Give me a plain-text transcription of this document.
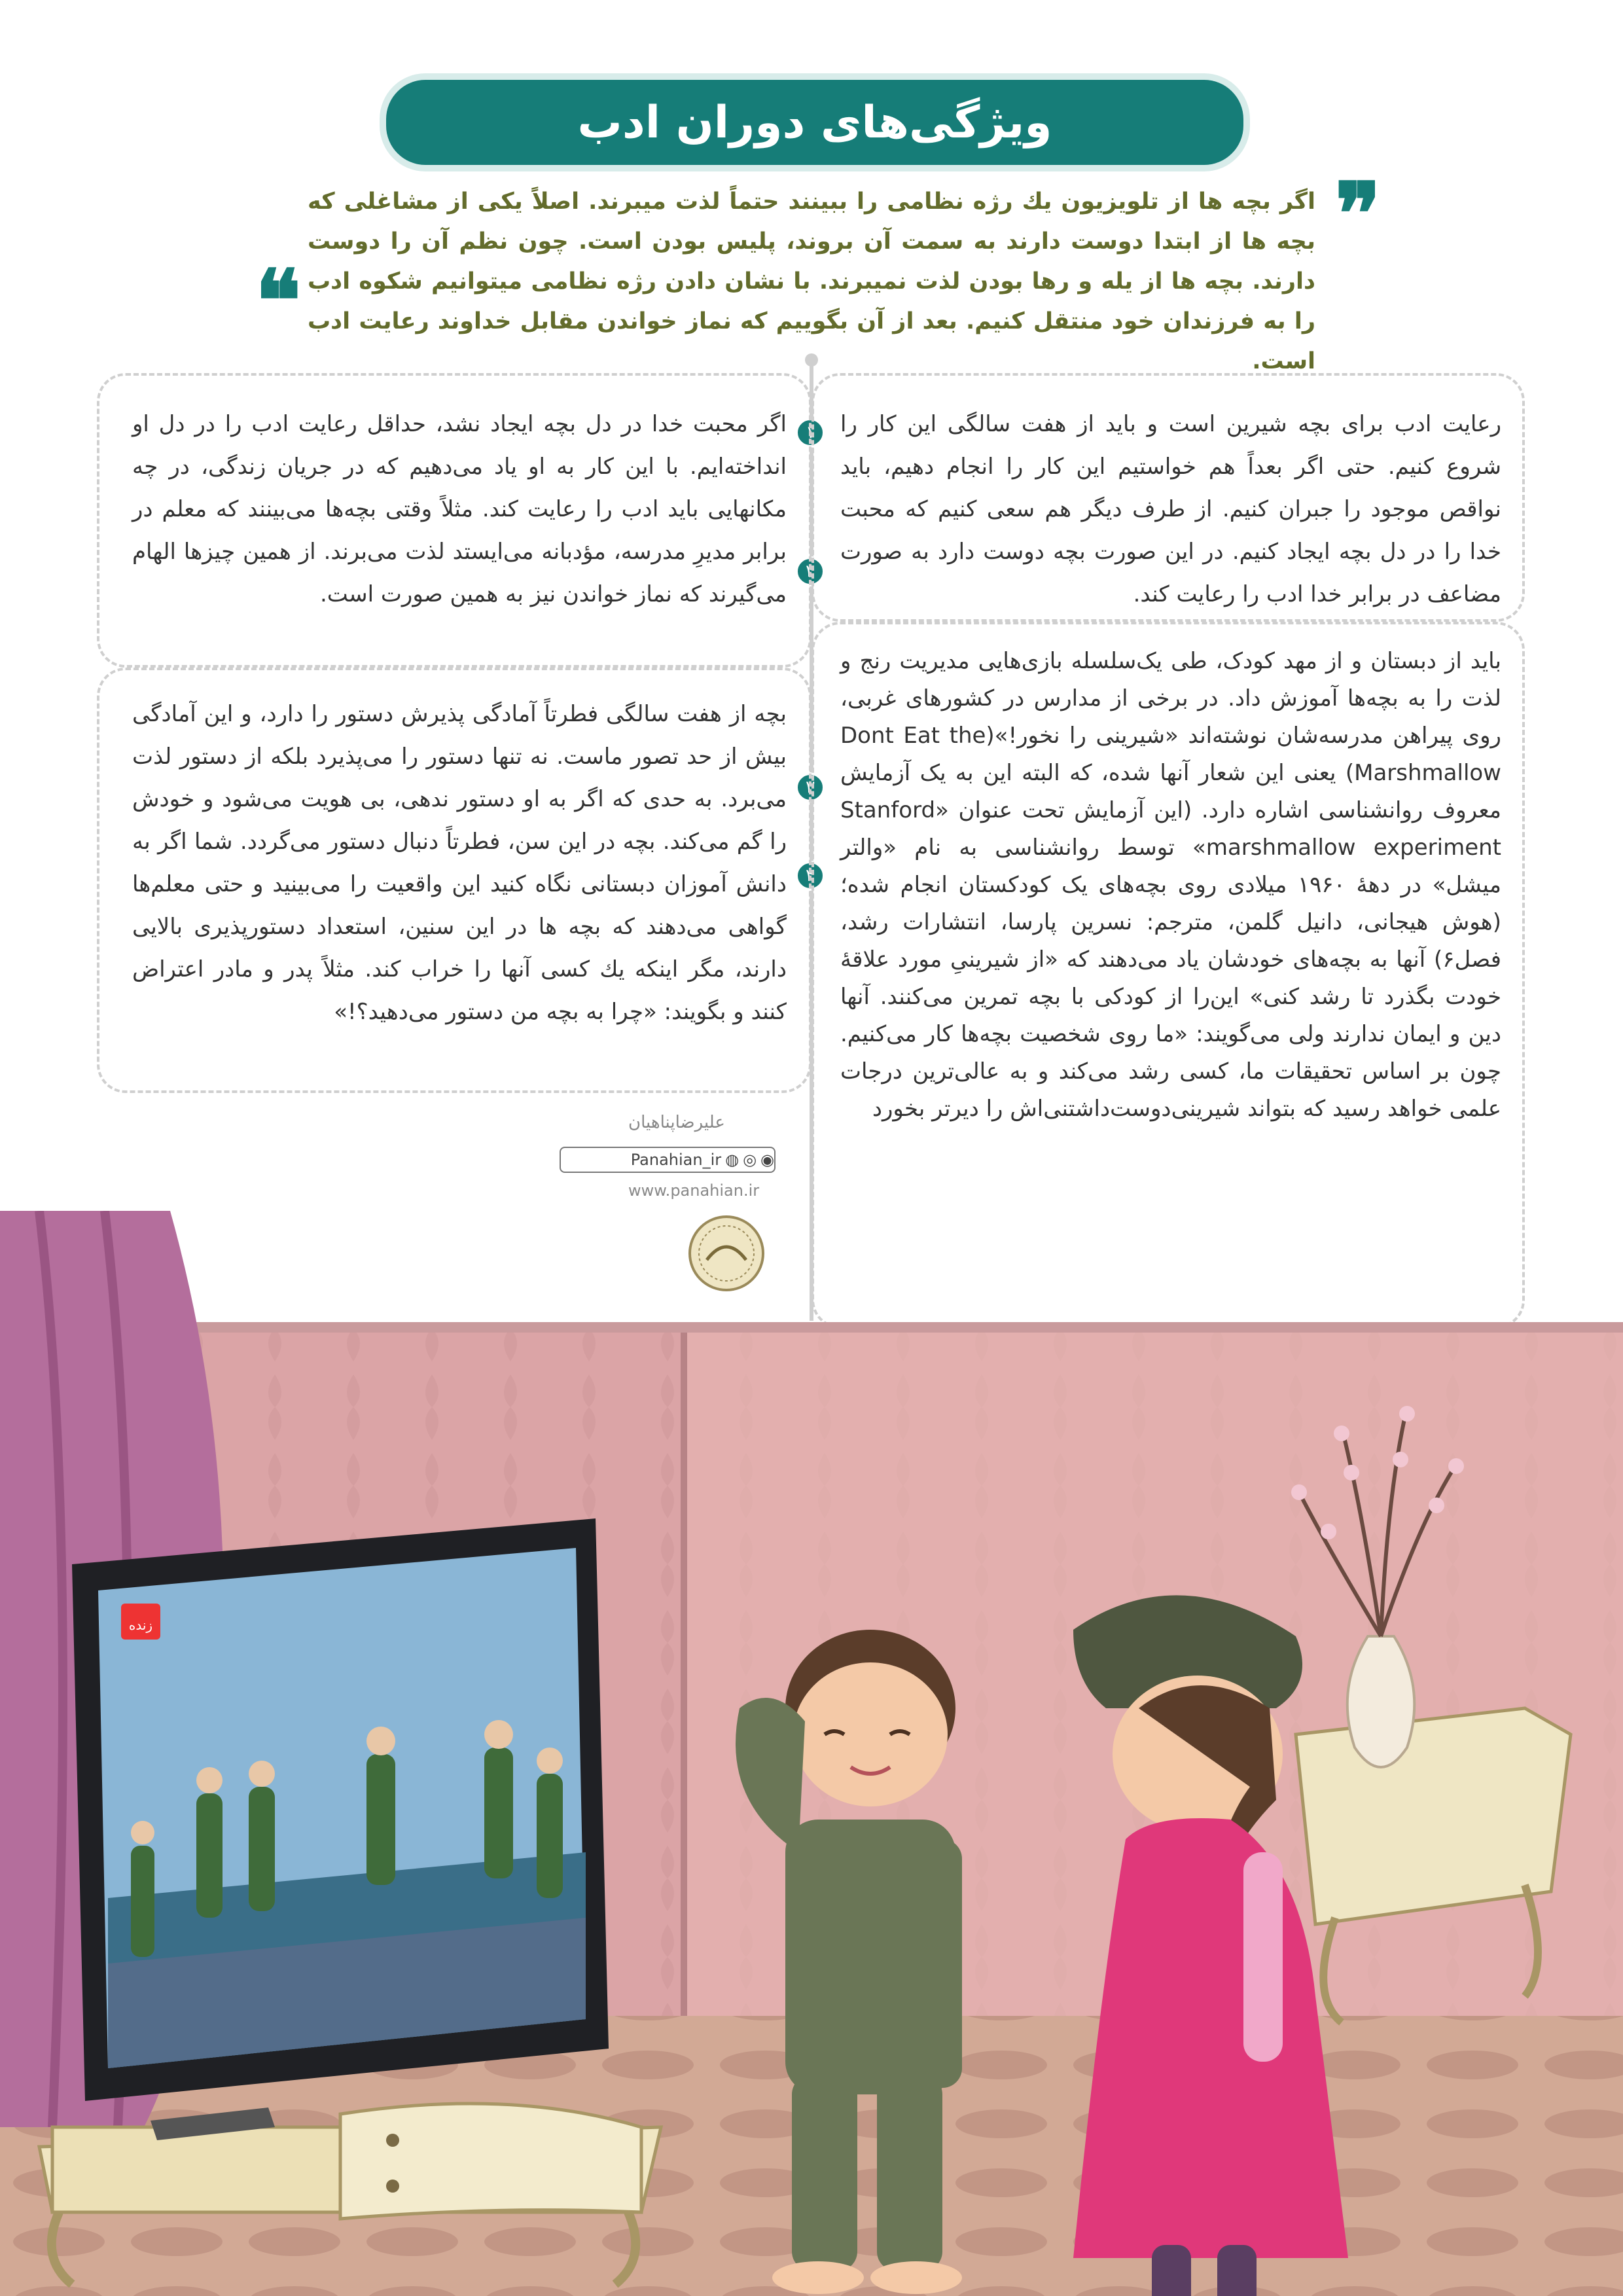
ویژگی‌های دوران ادب
❞
اگر بچه ها از تلویزیون یك رژه نظامی را ببینند حتماً لذت میبرند. اصلاً یکی از مشاغلی که بچه ها از ابتدا دوست دارند به سمت آن بروند، پلیس بودن است. چون نظم آن را دوست دارند. بچه ها از یله و رها بودن لذت نمیبرند. با نشان دادن رژه نظامی میتوانیم شکوه ادب را به فرزندان خود منتقل کنیم. بعد از آن بگوییم که نماز خواندن مقابل خداوند رعایت ادب است.
❝
۱
۲
۳
۴
رعایت ادب برای بچه شیرین است و باید از هفت سالگی این کار را شروع کنیم. حتی اگر بعداً هم خواستیم این کار را انجام دهیم، باید نواقص موجود را جبران کنیم. از طرف دیگر هم سعی کنیم که محبت خدا را در دل بچه ایجاد کنیم. در این صورت بچه دوست دارد به صورت مضاعف در برابر خدا ادب را رعایت کند.
اگر محبت خدا در دل بچه ایجاد نشد، حداقل رعایت ادب را در دل او انداخته‌ایم. با این کار به او یاد می‌دهیم که در جریان زندگی، در چه مکانهایی باید ادب را رعایت کند. مثلاً وقتی بچه‌ها می‌بینند که معلم در برابر مدیرِ مدرسه، مؤدبانه می‌ایستد لذت می‌برند. از همین چیزها الهام می‌گیرند که نماز خواندن نیز به همین صورت است.
بچه از هفت سالگی فطرتاً آمادگی پذیرش دستور را دارد، و این آمادگی بیش از حد تصور ماست. نه تنها دستور را می‌پذیرد بلکه از دستور لذت می‌برد. به حدی که اگر به او دستور ندهی، بی هویت می‌شود و خودش را گم می‌کند. بچه در این سن، فطرتاً دنبال دستور می‌گردد. شما اگر به دانش آموزان دبستانی نگاه کنید این واقعیت را می‌بینید و حتی معلم‌ها گواهی می‌دهند که بچه ها در این سنین، استعداد دستورپذیری بالایی دارند، مگر اینکه یك کسی آنها را خراب کند. مثلاً پدر و مادر اعتراض کنند و بگویند: «چرا به بچه من دستور می‌دهید؟!»
باید از دبستان و از مهد کودک، طی یک‌سلسله بازی‌هایی مدیریت رنج و لذت را به بچه‌ها آموزش داد. در برخی از مدارس در کشورهای غربی، روی پیراهن مدرسه‌شان نوشته‌اند «شیرینی را نخور!»(Dont Eat the Marshmallow) یعنی این شعار آنها شده، که البته این به یک آزمایش معروف روانشناسی اشاره دارد. (این آزمایش تحت عنوان «Stanford marshmallow experiment» توسط روانشناسی به نام «والتر میشل» در دههٔ ۱۹۶۰ میلادی روی بچه‌های یک کودکستان انجام شده؛ (هوش هیجانی، دانیل گلمن، مترجم: نسرین پارسا، انتشارات رشد، فصل۶) آنها به بچه‌های خودشان یاد می‌دهند که «از شیرینیِ مورد علاقهٔ خودت بگذرد تا رشد کنی» این‌را از کودکی با بچه تمرین می‌کنند. آنها دین و ایمان ندارند ولی می‌گویند: «ما روی شخصیت بچه‌ها کار می‌کنیم. چون بر اساس تحقیقات ما، کسی رشد می‌کند و به عالی‌ترین درجات علمی خواهد رسید که بتواند شیرینی‌دوست‌داشتنی‌اش را دیرتر بخورد
علیرضاپناهیان
◉
◎
◍
Panahian_ir
www.panahian.ir
زنده
